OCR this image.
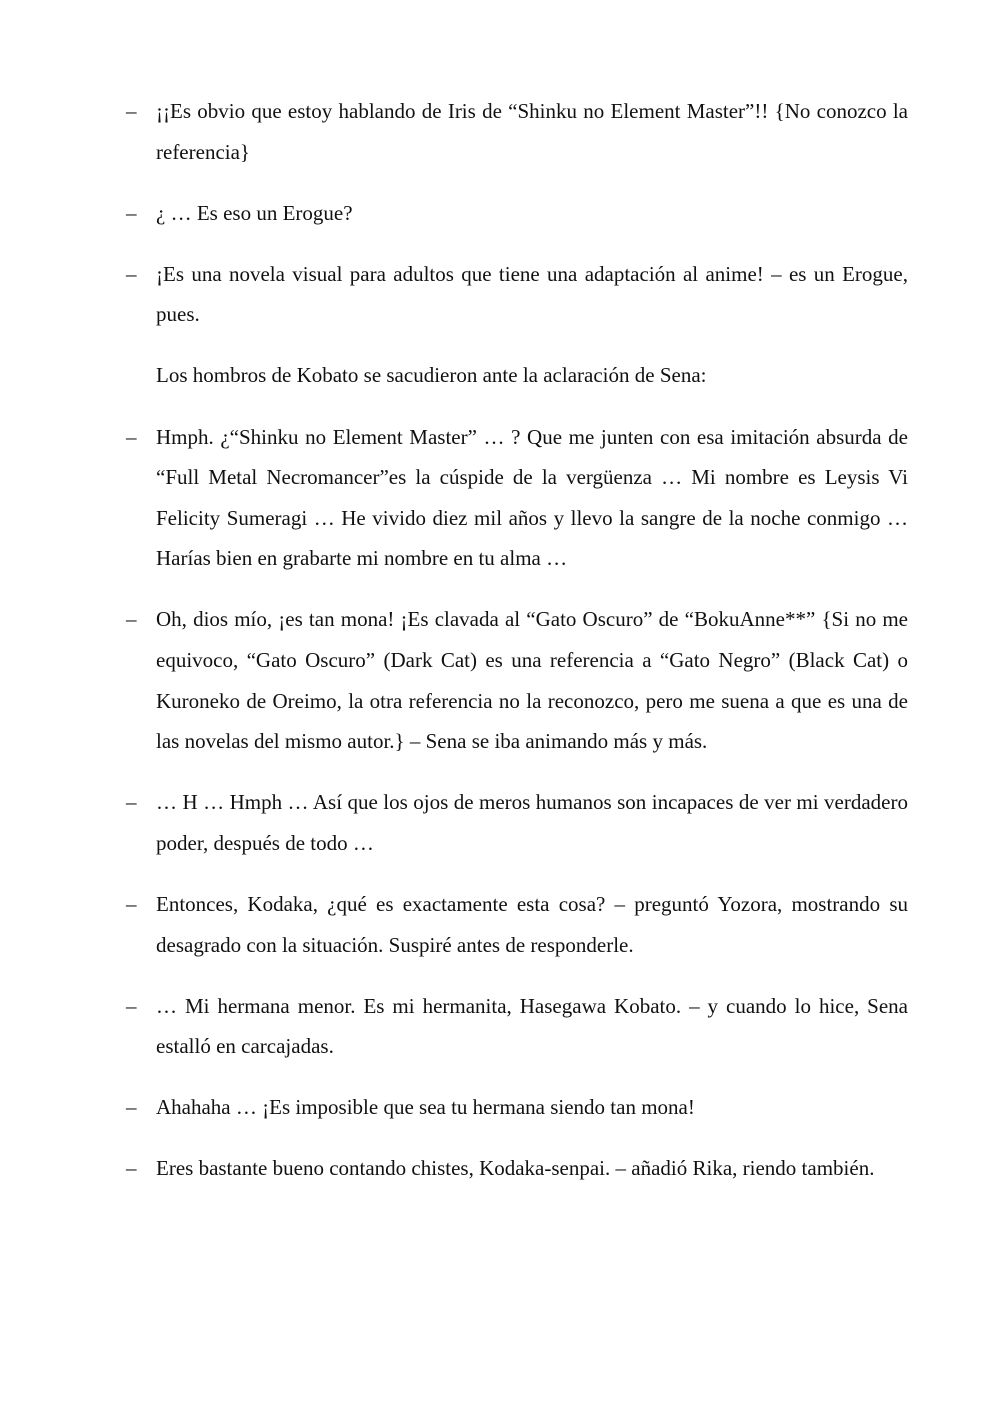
– ¡¡Es obvio que estoy hablando de Iris de “Shinku no Element Master”!! {No conozco la referencia}

– ¿ … Es eso un Erogue?

– ¡Es una novela visual para adultos que tiene una adaptación al anime! – es un Erogue, pues.

Los hombros de Kobato se sacudieron ante la aclaración de Sena:

– Hmph. ¿“Shinku no Element Master” … ? Que me junten con esa imitación absurda de “Full Metal Necromancer”es la cúspide de la vergüenza … Mi nombre es Leysis Vi Felicity Sumeragi … He vivido diez mil años y llevo la sangre de la noche conmigo … Harías bien en grabarte mi nombre en tu alma …

– Oh, dios mío, ¡es tan mona! ¡Es clavada al “Gato Oscuro” de “BokuAnne**” {Si no me equivoco, “Gato Oscuro” (Dark Cat) es una referencia a “Gato Negro” (Black Cat) o Kuroneko de Oreimo, la otra referencia no la reconozco, pero me suena a que es una de las novelas del mismo autor.} – Sena se iba animando más y más.

– … H … Hmph … Así que los ojos de meros humanos son incapaces de ver mi verdadero poder, después de todo …

– Entonces, Kodaka, ¿qué es exactamente esta cosa? – preguntó Yozora, mostrando su desagrado con la situación. Suspiré antes de responderle.

– … Mi hermana menor. Es mi hermanita, Hasegawa Kobato. – y cuando lo hice, Sena estalló en carcajadas.

– Ahahaha … ¡Es imposible que sea tu hermana siendo tan mona!

– Eres bastante bueno contando chistes, Kodaka-senpai. – añadió Rika, riendo también.
